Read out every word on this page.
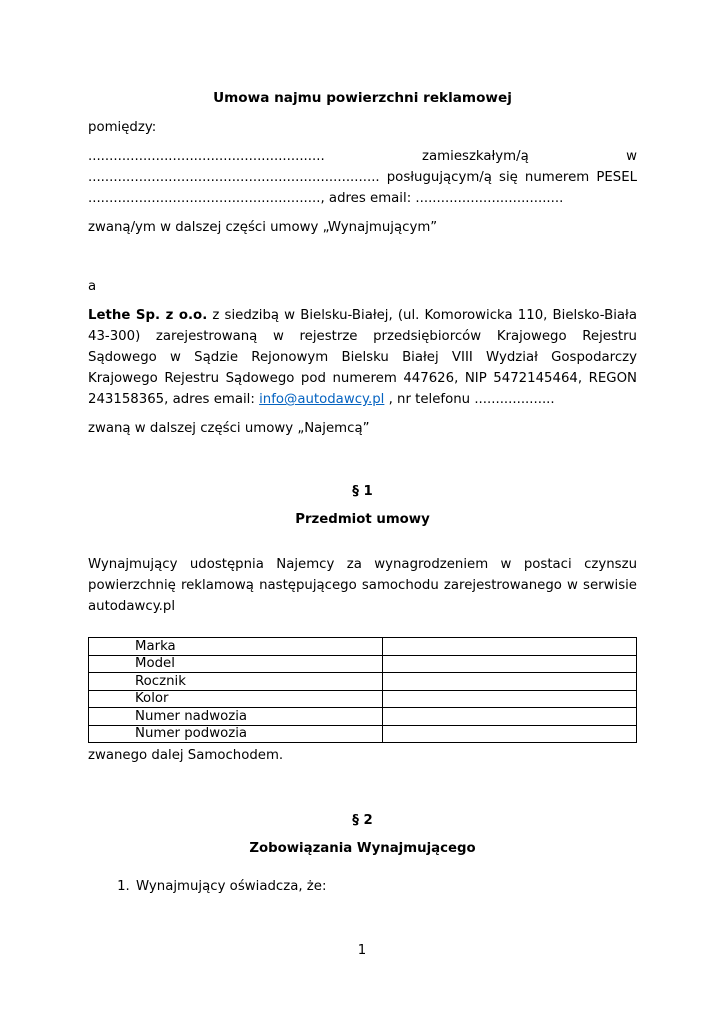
Umowa najmu powierzchni reklamowej

pomiędzy:

........................................................ zamieszkałym/ą w ..................................................................... posługującym/ą się numerem PESEL ......................................................., adres email: ...................................

zwaną/ym w dalszej części umowy „Wynajmującym”

a

Lethe Sp. z o.o. z siedzibą w Bielsku-Białej, (ul. Komorowicka 110, Bielsko-Biała 43-300) zarejestrowaną w rejestrze przedsiębiorców Krajowego Rejestru Sądowego w Sądzie Rejonowym Bielsku Białej VIII Wydział Gospodarczy Krajowego Rejestru Sądowego pod numerem 447626, NIP 5472145464, REGON 243158365, adres email: info@autodawcy.pl , nr telefonu ...................

zwaną w dalszej części umowy „Najemcą”

§ 1

Przedmiot umowy

Wynajmujący udostępnia Najemcy za wynagrodzeniem w postaci czynszu powierzchnię reklamową następującego samochodu zarejestrowanego w serwisie autodawcy.pl

Marka	
Model	
Rocznik	
Kolor	
Numer nadwozia	
Numer podwozia	

zwanego dalej Samochodem.

§ 2

Zobowiązania Wynajmującego

1. Wynajmujący oświadcza, że:
1
